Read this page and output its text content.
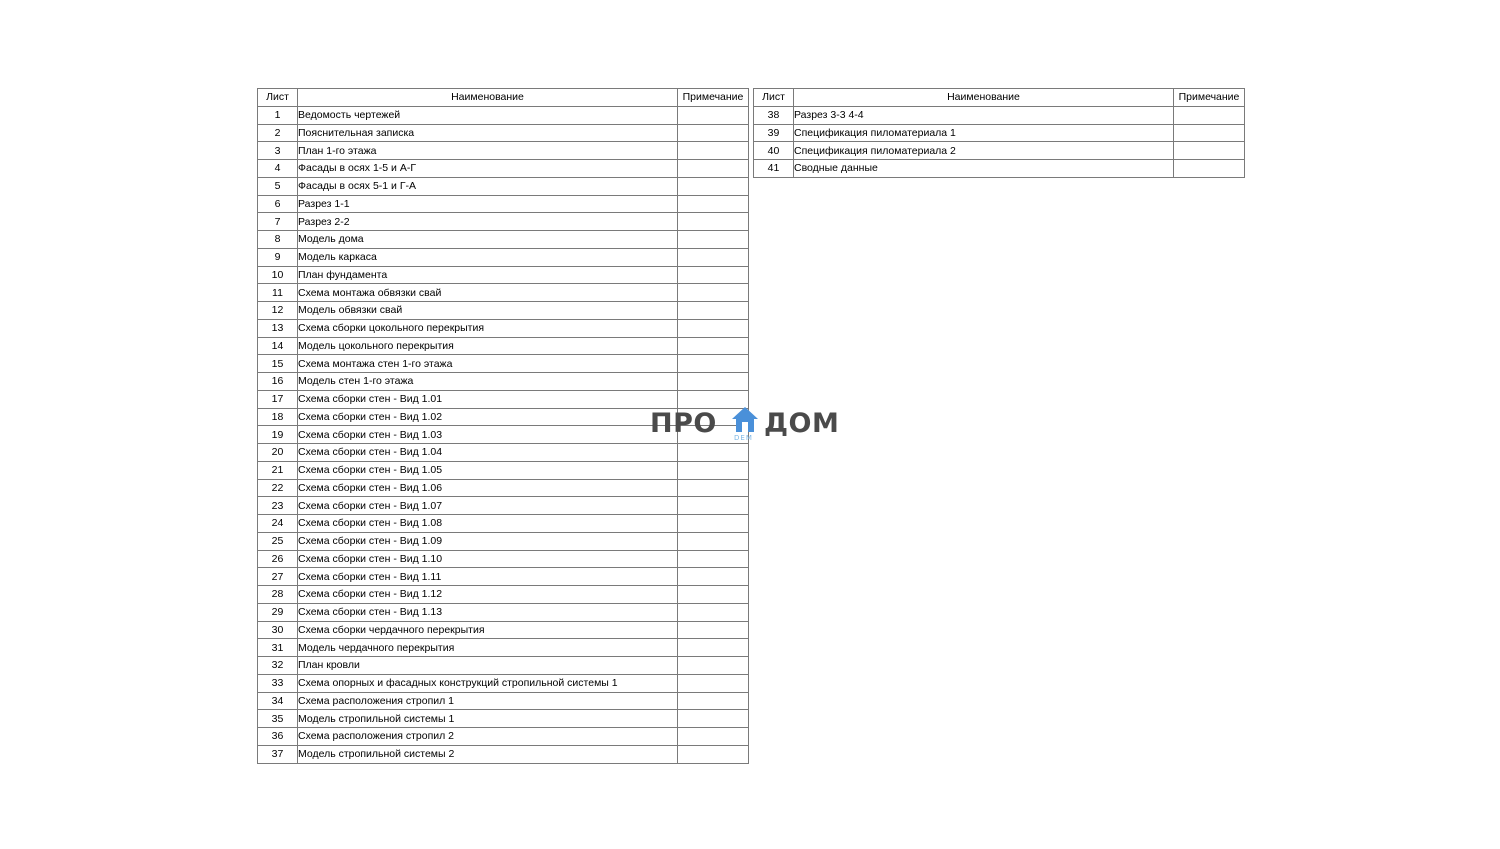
Лист	Наименование	Примечание
1	Ведомость чертежей	
2	Пояснительная записка	
3	План 1-го этажа	
4	Фасады в осях 1-5 и А-Г	
5	Фасады в осях 5-1 и Г-А	
6	Разрез 1-1	
7	Разрез 2-2	
8	Модель дома	
9	Модель каркаса	
10	План фундамента	
11	Схема монтажа обвязки свай	
12	Модель обвязки свай	
13	Схема сборки цокольного перекрытия	
14	Модель цокольного перекрытия	
15	Схема монтажа стен 1-го этажа	
16	Модель стен 1-го этажа	
17	Схема сборки стен - Вид 1.01	
18	Схема сборки стен - Вид 1.02	
19	Схема сборки стен - Вид 1.03	
20	Схема сборки стен - Вид 1.04	
21	Схема сборки стен - Вид 1.05	
22	Схема сборки стен - Вид 1.06	
23	Схема сборки стен - Вид 1.07	
24	Схема сборки стен - Вид 1.08	
25	Схема сборки стен - Вид 1.09	
26	Схема сборки стен - Вид 1.10	
27	Схема сборки стен - Вид 1.11	
28	Схема сборки стен - Вид 1.12	
29	Схема сборки стен - Вид 1.13	
30	Схема сборки чердачного перекрытия	
31	Модель чердачного перекрытия	
32	План кровли	
33	Схема опорных и фасадных конструкций стропильной системы 1	
34	Схема расположения стропил 1	
35	Модель стропильной системы 1	
36	Схема расположения стропил 2	
37	Модель стропильной системы 2	
Лист	Наименование	Примечание
38	Разрез 3-3 4-4	
39	Спецификация пиломатериала 1	
40	Спецификация пиломатериала 2	
41	Сводные данные	
ПРО DEM ДОМ
